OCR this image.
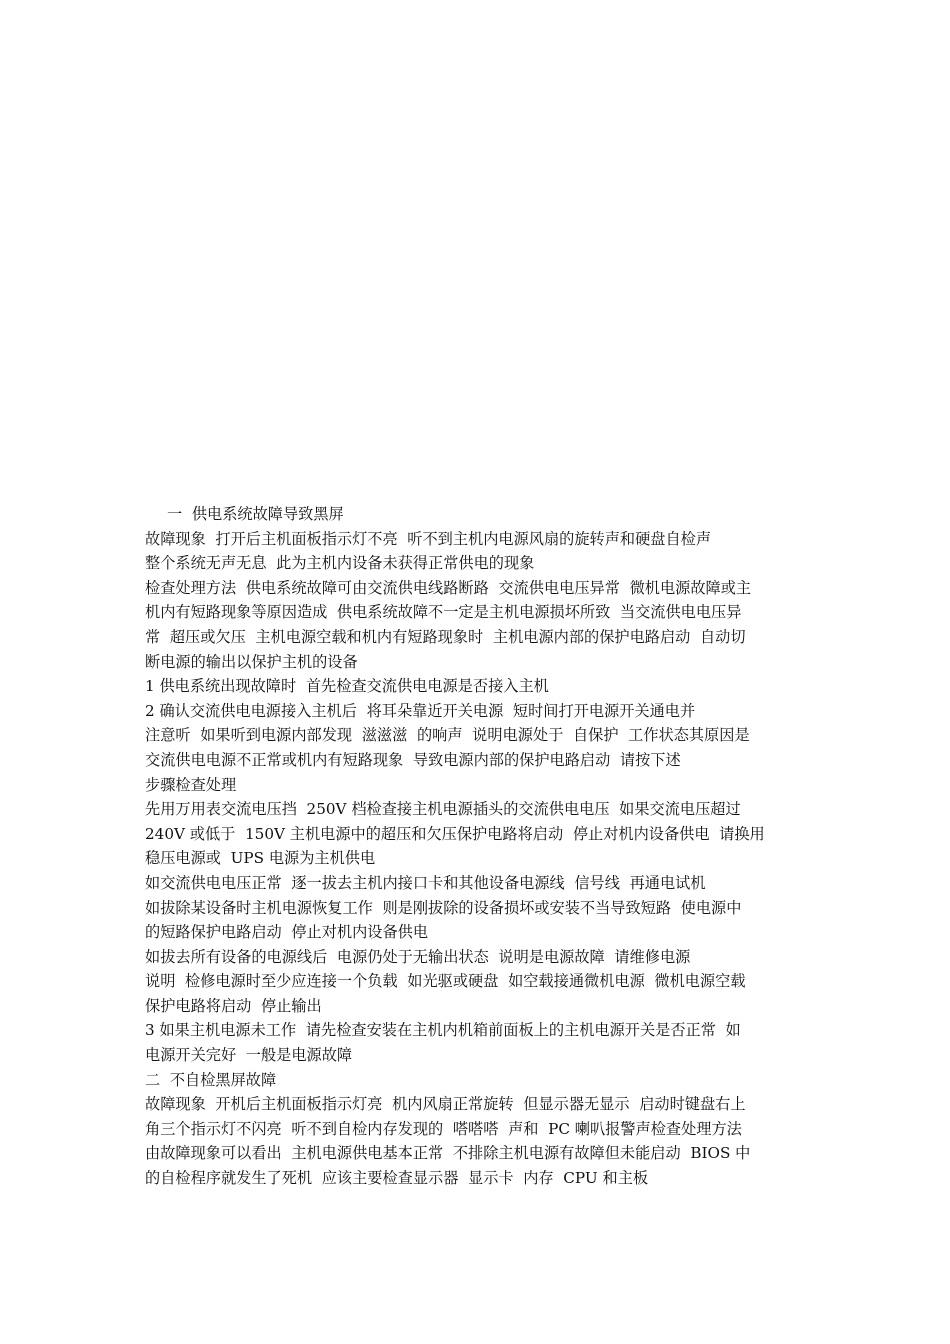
一  供电系统故障导致黑屏
故障现象  打开后主机面板指示灯不亮  听不到主机内电源风扇的旋转声和硬盘自检声
整个系统无声无息  此为主机内设备未获得正常供电的现象
检查处理方法  供电系统故障可由交流供电线路断路  交流供电电压异常  微机电源故障或主
机内有短路现象等原因造成  供电系统故障不一定是主机电源损坏所致  当交流供电电压异
常  超压或欠压  主机电源空载和机内有短路现象时  主机电源内部的保护电路启动  自动切
断电源的输出以保护主机的设备
1 供电系统出现故障时  首先检查交流供电电源是否接入主机
2 确认交流供电电源接入主机后  将耳朵靠近开关电源  短时间打开电源开关通电并
注意听  如果听到电源内部发现  滋滋滋  的响声  说明电源处于  自保护  工作状态其原因是
交流供电电源不正常或机内有短路现象  导致电源内部的保护电路启动  请按下述
步骤检查处理
先用万用表交流电压挡  250V 档检查接主机电源插头的交流供电电压  如果交流电压超过
240V 或低于  150V 主机电源中的超压和欠压保护电路将启动  停止对机内设备供电  请换用
稳压电源或  UPS 电源为主机供电
如交流供电电压正常  逐一拔去主机内接口卡和其他设备电源线  信号线  再通电试机
如拔除某设备时主机电源恢复工作  则是刚拔除的设备损坏或安装不当导致短路  使电源中
的短路保护电路启动  停止对机内设备供电
如拔去所有设备的电源线后  电源仍处于无输出状态  说明是电源故障  请维修电源
说明  检修电源时至少应连接一个负载  如光驱或硬盘  如空载接通微机电源  微机电源空载
保护电路将启动  停止输出
3 如果主机电源未工作  请先检查安装在主机内机箱前面板上的主机电源开关是否正常  如
电源开关完好  一般是电源故障
二  不自检黑屏故障
故障现象  开机后主机面板指示灯亮  机内风扇正常旋转  但显示器无显示  启动时键盘右上
角三个指示灯不闪亮  听不到自检内存发现的  嗒嗒嗒  声和  PC 喇叭报警声检查处理方法
由故障现象可以看出  主机电源供电基本正常  不排除主机电源有故障但未能启动  BIOS 中
的自检程序就发生了死机  应该主要检查显示器  显示卡  内存  CPU 和主板
